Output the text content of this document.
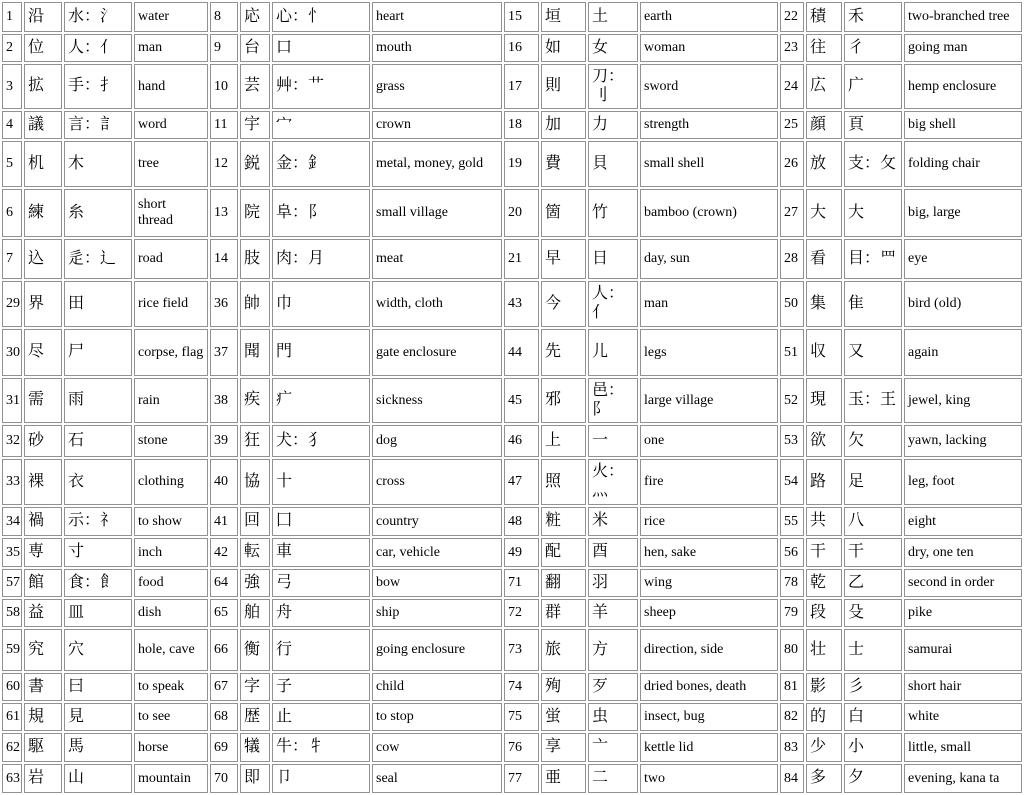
1	沿	水：氵	water	8	応	心：忄	heart	15	垣	土	earth	22	積	禾	two-branched tree
2	位	人：亻	man	9	台	口	mouth	16	如	女	woman	23	往	彳	going man
3	拡	手：扌	hand	10	芸	艸：艹	grass	17	則	刀：刂	sword	24	広	广	hemp enclosure
4	議	言：訁	word	11	宇	宀	crown	18	加	力	strength	25	顔	頁	big shell
5	机	木	tree	12	鋭	金：釒	metal, money, gold	19	費	貝	small shell	26	放	支：攵	folding chair
6	練	糸	short thread	13	院	阜：阝	small village	20	箇	竹	bamboo (crown)	27	大	大	big, large
7	込	辵：辶	road	14	肢	肉：月	meat	21	早	日	day, sun	28	看	目：罒	eye
29	界	田	rice field	36	帥	巾	width, cloth	43	今	人：亻	man	50	集	隹	bird (old)
30	尽	尸	corpse, flag	37	聞	門	gate enclosure	44	先	儿	legs	51	収	又	again
31	需	雨	rain	38	疾	疒	sickness	45	邪	邑：阝	large village	52	現	玉：王	jewel, king
32	砂	石	stone	39	狂	犬：犭	dog	46	上	一	one	53	欲	欠	yawn, lacking
33	裸	衣	clothing	40	協	十	cross	47	照	火：灬	fire	54	路	足	leg, foot
34	禍	示：礻	to show	41	回	囗	country	48	粧	米	rice	55	共	八	eight
35	専	寸	inch	42	転	車	car, vehicle	49	配	酉	hen, sake	56	干	干	dry, one ten
57	館	食：飠	food	64	強	弓	bow	71	翻	羽	wing	78	乾	乙	second in order
58	益	皿	dish	65	舶	舟	ship	72	群	羊	sheep	79	段	殳	pike
59	究	穴	hole, cave	66	衡	行	going enclosure	73	旅	方	direction, side	80	壮	士	samurai
60	書	曰	to speak	67	字	子	child	74	殉	歹	dried bones, death	81	影	彡	short hair
61	規	見	to see	68	歴	止	to stop	75	蛍	虫	insect, bug	82	的	白	white
62	駆	馬	horse	69	犠	牛：牜	cow	76	享	亠	kettle lid	83	少	小	little, small
63	岩	山	mountain	70	即	卩	seal	77	亜	二	two	84	多	夕	evening, kana ta
